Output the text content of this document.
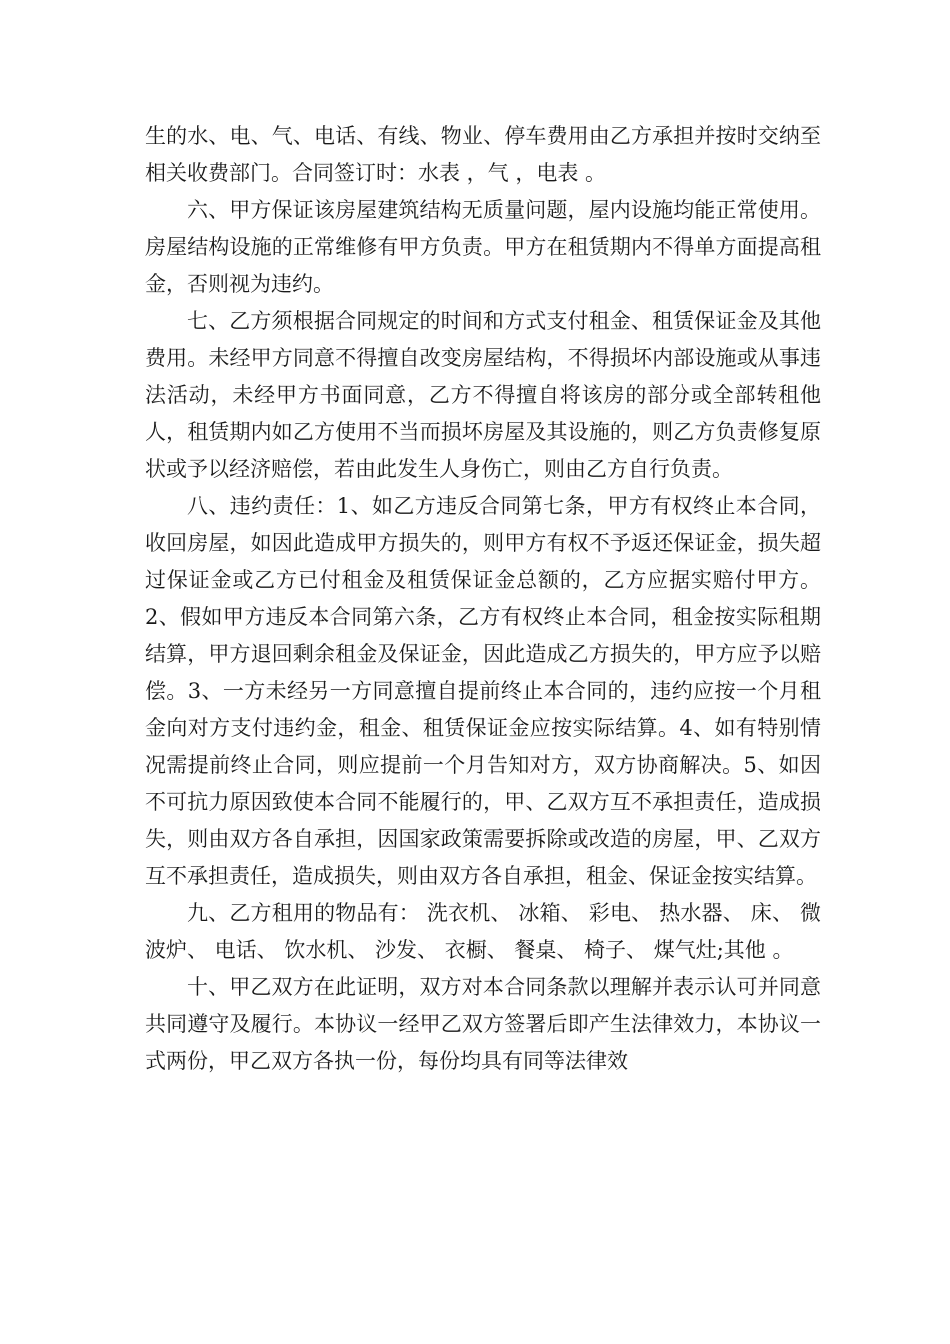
生的水、电、气、电话、有线、物业、停车费用由乙方承担并按时交纳至相关收费部门。合同签订时：水表 ，气 ，电表 。

六、甲方保证该房屋建筑结构无质量问题，屋内设施均能正常使用。房屋结构设施的正常维修有甲方负责。甲方在租赁期内不得单方面提高租金，否则视为违约。

七、乙方须根据合同规定的时间和方式支付租金、租赁保证金及其他费用。未经甲方同意不得擅自改变房屋结构，不得损坏内部设施或从事违法活动，未经甲方书面同意，乙方不得擅自将该房的部分或全部转租他人，租赁期内如乙方使用不当而损坏房屋及其设施的，则乙方负责修复原状或予以经济赔偿，若由此发生人身伤亡，则由乙方自行负责。

八、违约责任：1、如乙方违反合同第七条，甲方有权终止本合同，收回房屋，如因此造成甲方损失的，则甲方有权不予返还保证金，损失超过保证金或乙方已付租金及租赁保证金总额的，乙方应据实赔付甲方。2、假如甲方违反本合同第六条，乙方有权终止本合同，租金按实际租期结算，甲方退回剩余租金及保证金，因此造成乙方损失的，甲方应予以赔偿。3、一方未经另一方同意擅自提前终止本合同的，违约应按一个月租金向对方支付违约金，租金、租赁保证金应按实际结算。4、如有特别情况需提前终止合同，则应提前一个月告知对方，双方协商解决。5、如因不可抗力原因致使本合同不能履行的，甲、乙双方互不承担责任，造成损失，则由双方各自承担，因国家政策需要拆除或改造的房屋，甲、乙双方互不承担责任，造成损失，则由双方各自承担，租金、保证金按实结算。

九、乙方租用的物品有： 洗衣机、 冰箱、 彩电、 热水器、 床、 微波炉、 电话、 饮水机、 沙发、 衣橱、 餐桌、 椅子、 煤气灶;其他 。

十、甲乙双方在此证明，双方对本合同条款以理解并表示认可并同意共同遵守及履行。本协议一经甲乙双方签署后即产生法律效力，本协议一式两份，甲乙双方各执一份，每份均具有同等法律效
